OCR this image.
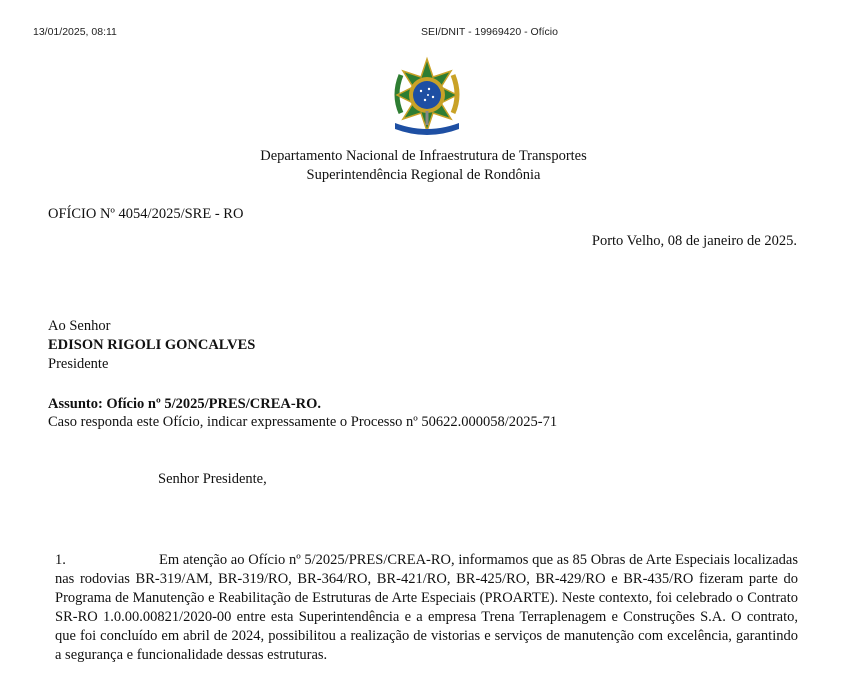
13/01/2025, 08:11	SEI/DNIT - 19969420 - Ofício
Departamento Nacional de Infraestrutura de Transportes
Superintendência Regional de Rondônia
OFÍCIO Nº 4054/2025/SRE - RO
Porto Velho, 08 de janeiro de 2025.
Ao Senhor
EDISON RIGOLI GONCALVES
Presidente
Assunto: Ofício nº 5/2025/PRES/CREA-RO.
Caso responda este Ofício, indicar expressamente o Processo nº 50622.000058/2025-71
Senhor Presidente,
1.	Em atenção ao Ofício nº 5/2025/PRES/CREA-RO, informamos que as 85 Obras de Arte Especiais localizadas nas rodovias BR-319/AM, BR-319/RO, BR-364/RO, BR-421/RO, BR-425/RO, BR-429/RO e BR-435/RO fizeram parte do Programa de Manutenção e Reabilitação de Estruturas de Arte Especiais (PROARTE). Neste contexto, foi celebrado o Contrato SR-RO 1.0.00.00821/2020-00 entre esta Superintendência e a empresa Trena Terraplenagem e Construções S.A. O contrato, que foi concluído em abril de 2024, possibilitou a realização de vistorias e serviços de manutenção com excelência, garantindo a segurança e funcionalidade dessas estruturas.
